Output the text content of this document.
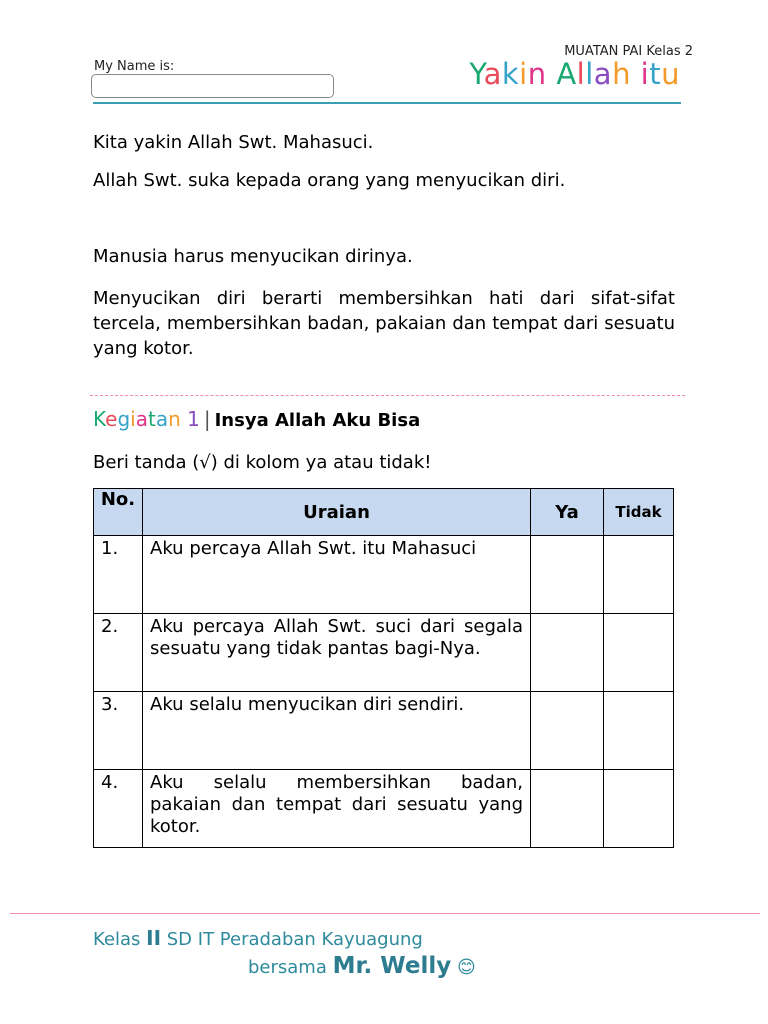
MUATAN PAI Kelas 2
My Name is:	Yakin Allah itu
Kita yakin Allah Swt. Mahasuci.
Allah Swt. suka kepada orang yang menyucikan diri.
Manusia harus menyucikan dirinya.
Menyucikan diri berarti membersihkan hati dari sifat-sifat tercela, membersihkan badan, pakaian dan tempat dari sesuatu yang kotor.
Kegiatan 1 | Insya Allah Aku Bisa
Beri tanda (√) di kolom ya atau tidak!
No.	Uraian	Ya	Tidak
1.	Aku percaya Allah Swt. itu Mahasuci		
2.	Aku percaya Allah Swt. suci dari segala sesuatu yang tidak pantas bagi-Nya.		
3.	Aku selalu menyucikan diri sendiri.		
4.	Aku selalu membersihkan badan, pakaian dan tempat dari sesuatu yang kotor.		
Kelas II SD IT Peradaban Kayuagung
bersama Mr. Welly 😊
